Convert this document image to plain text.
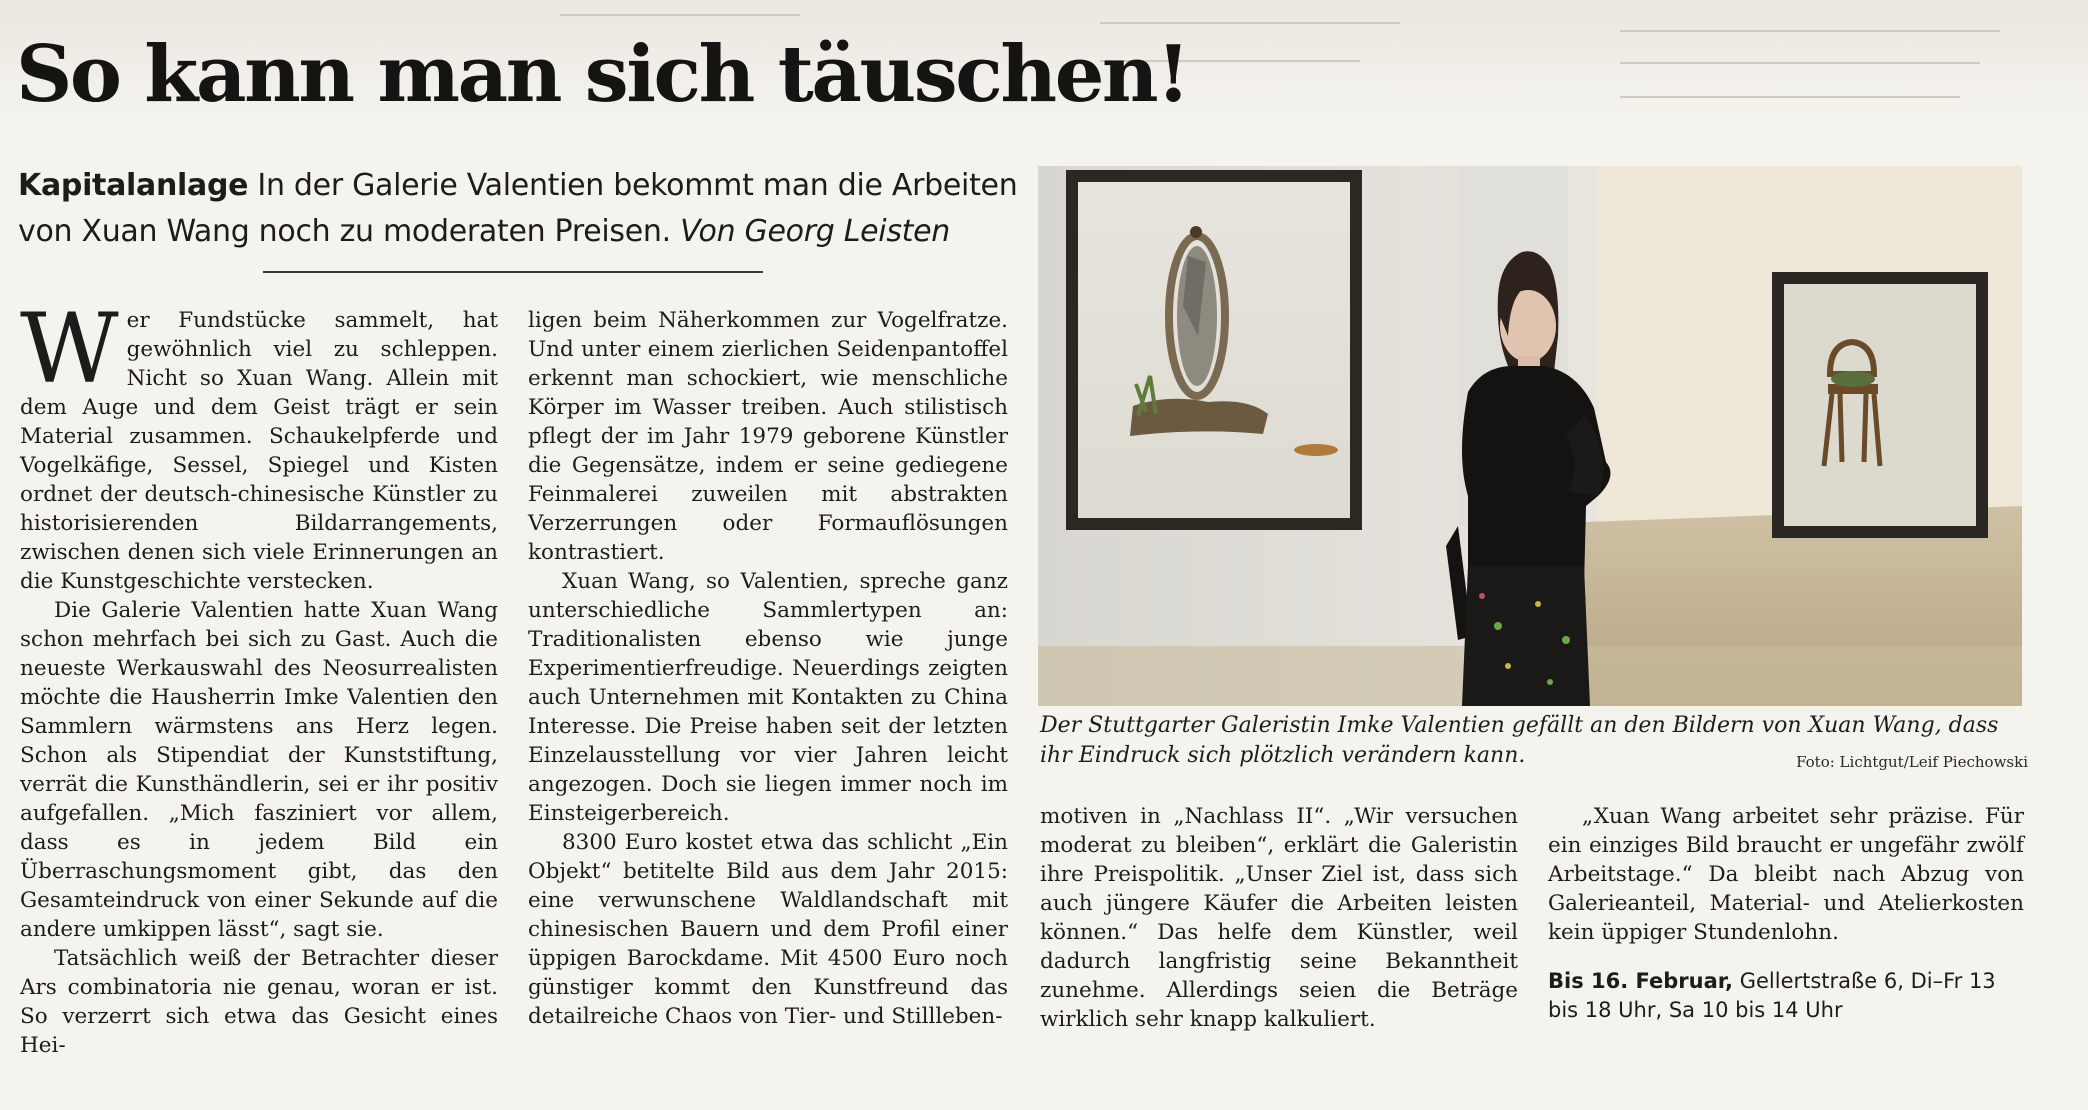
So kann man sich täuschen!
Kapitalanlage In der Galerie Valentien bekommt man die Arbeiten von Xuan Wang noch zu moderaten Preisen. Von Georg Leisten

Wer Fundstücke sammelt, hat gewöhnlich viel zu schleppen. Nicht so Xuan Wang. Allein mit dem Auge und dem Geist trägt er sein Material zusammen. Schaukelpferde und Vogelkäfige, Sessel, Spiegel und Kisten ordnet der deutsch-chinesische Künstler zu historisierenden Bildarrangements, zwischen denen sich viele Erinnerungen an die Kunstgeschichte verstecken.

Die Galerie Valentien hatte Xuan Wang schon mehrfach bei sich zu Gast. Auch die neueste Werkauswahl des Neosurrealisten möchte die Hausherrin Imke Valentien den Sammlern wärmstens ans Herz legen. Schon als Stipendiat der Kunststiftung, verrät die Kunsthändlerin, sei er ihr positiv aufgefallen. „Mich fasziniert vor allem, dass es in jedem Bild ein Überraschungsmoment gibt, das den Gesamteindruck von einer Sekunde auf die andere umkippen lässt“, sagt sie.

Tatsächlich weiß der Betrachter dieser Ars combinatoria nie genau, woran er ist. So verzerrt sich etwa das Gesicht eines Hei-

ligen beim Näherkommen zur Vogelfratze. Und unter einem zierlichen Seidenpantoffel erkennt man schockiert, wie menschliche Körper im Wasser treiben. Auch stilistisch pflegt der im Jahr 1979 geborene Künstler die Gegensätze, indem er seine gediegene Feinmalerei zuweilen mit abstrakten Verzerrungen oder Formauflösungen kontrastiert.

Xuan Wang, so Valentien, spreche ganz unterschiedliche Sammlertypen an: Traditionalisten ebenso wie junge Experimentierfreudige. Neuerdings zeigten auch Unternehmen mit Kontakten zu China Interesse. Die Preise haben seit der letzten Einzelausstellung vor vier Jahren leicht angezogen. Doch sie liegen immer noch im Einsteigerbereich.

8300 Euro kostet etwa das schlicht „Ein Objekt“ betitelte Bild aus dem Jahr 2015: eine verwunschene Waldlandschaft mit chinesischen Bauern und dem Profil einer üppigen Barockdame. Mit 4500 Euro noch günstiger kommt den Kunstfreund das detailreiche Chaos von Tier- und Stillleben-

Der Stuttgarter Galeristin Imke Valentien gefällt an den Bildern von Xuan Wang, dass ihr Eindruck sich plötzlich verändern kann.	Foto: Lichtgut/Leif Piechowski

motiven in „Nachlass II“. „Wir versuchen moderat zu bleiben“, erklärt die Galeristin ihre Preispolitik. „Unser Ziel ist, dass sich auch jüngere Käufer die Arbeiten leisten können.“ Das helfe dem Künstler, weil dadurch langfristig seine Bekanntheit zunehme. Allerdings seien die Beträge wirklich sehr knapp kalkuliert.

„Xuan Wang arbeitet sehr präzise. Für ein einziges Bild braucht er ungefähr zwölf Arbeitstage.“ Da bleibt nach Abzug von Galerieanteil, Material- und Atelierkosten kein üppiger Stundenlohn.

Bis 16. Februar, Gellertstraße 6, Di–Fr 13 bis 18 Uhr, Sa 10 bis 14 Uhr
